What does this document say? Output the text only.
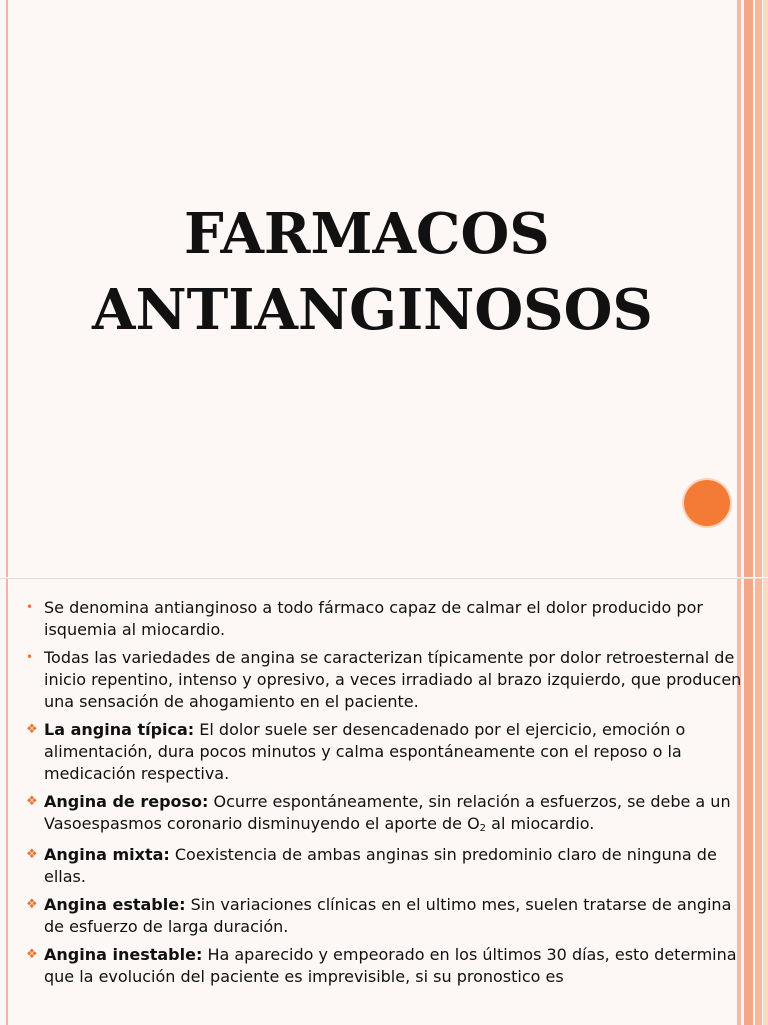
FARMACOS
ANTIANGINOSOS
• Se denomina antianginoso a todo fármaco capaz de calmar el dolor producido por isquemia al miocardio.
• Todas las variedades de angina se caracterizan típicamente por dolor retroesternal de inicio repentino, intenso y opresivo, a veces irradiado al brazo izquierdo, que producen una sensación de ahogamiento en el paciente.
❖ La angina típica: El dolor suele ser desencadenado por el ejercicio, emoción o alimentación, dura pocos minutos y calma espontáneamente con el reposo o la medicación respectiva.
❖ Angina de reposo: Ocurre espontáneamente, sin relación a esfuerzos, se debe a un Vasoespasmos coronario disminuyendo el aporte de $O_2$ al miocardio.
❖ Angina mixta: Coexistencia de ambas anginas sin predominio claro de ninguna de ellas.
❖ Angina estable: Sin variaciones clínicas en el ultimo mes, suelen tratarse de angina de esfuerzo de larga duración.
❖ Angina inestable: Ha aparecido y empeorado en los últimos 30 días, esto determina que la evolución del paciente es imprevisible, si su pronostico es
